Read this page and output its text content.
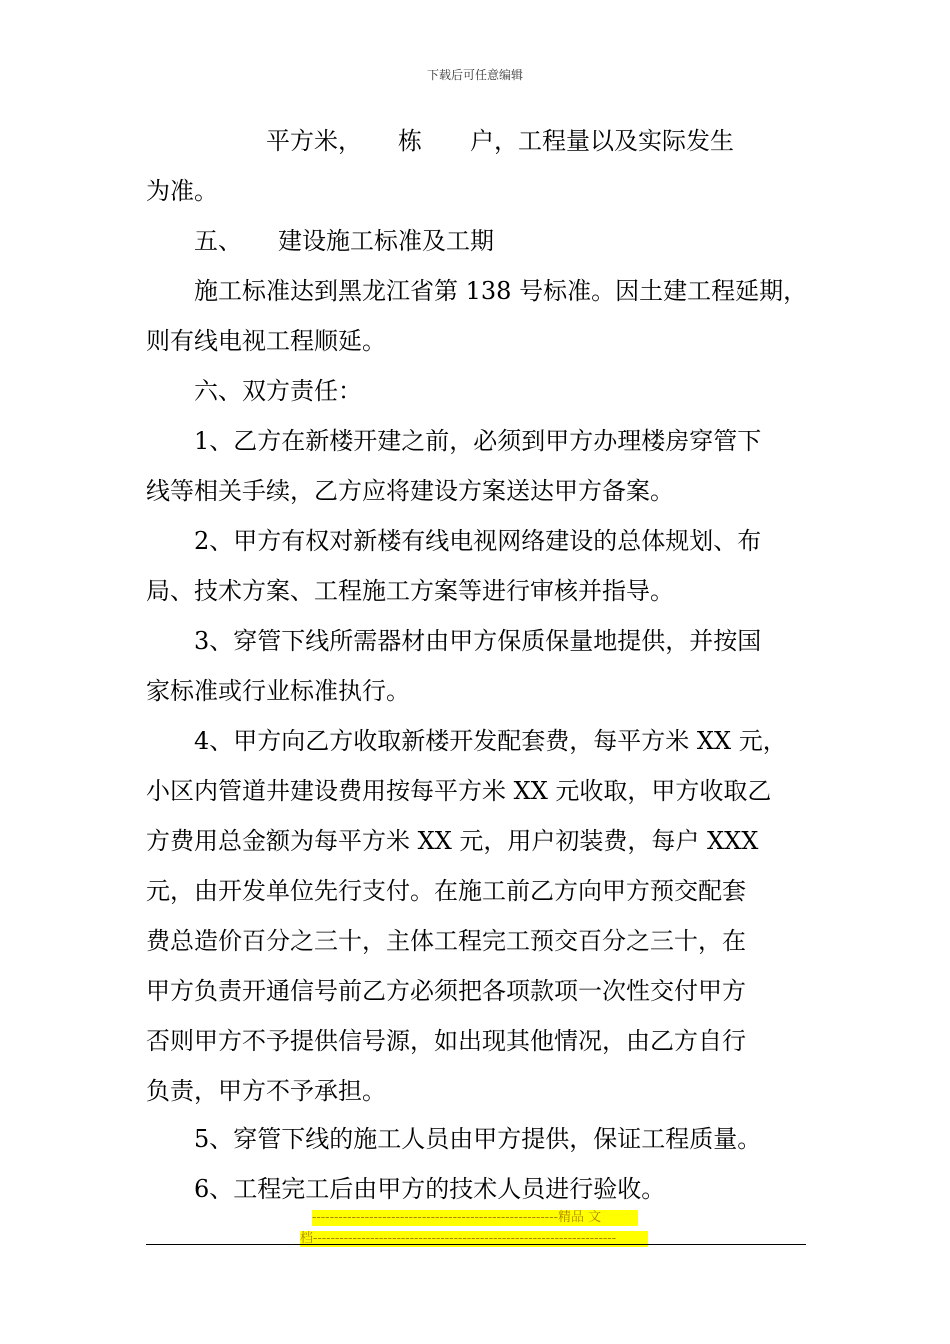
下载后可任意编辑
　　　　　平方米，　　栋　　户，工程量以及实际发生
为准。
　　五、　　建设施工标准及工期
　　施工标准达到黑龙江省第 138 号标准。因土建工程延期，
则有线电视工程顺延。
　　六、双方责任：
　　1、乙方在新楼开建之前，必须到甲方办理楼房穿管下
线等相关手续，乙方应将建设方案送达甲方备案。
　　2、甲方有权对新楼有线电视网络建设的总体规划、布
局、技术方案、工程施工方案等进行审核并指导。
　　3、穿管下线所需器材由甲方保质保量地提供，并按国
家标准或行业标准执行。
　　4、甲方向乙方收取新楼开发配套费，每平方米 XX 元，
小区内管道井建设费用按每平方米 XX 元收取，甲方收取乙
方费用总金额为每平方米 XX 元，用户初装费，每户 XXX
元，由开发单位先行支付。在施工前乙方向甲方预交配套
费总造价百分之三十，主体工程完工预交百分之三十，在
甲方负责开通信号前乙方必须把各项款项一次性交付甲方
否则甲方不予提供信号源，如出现其他情况，由乙方自行
负责，甲方不予承担。
　　5、穿管下线的施工人员由甲方提供，保证工程质量。
　　6、工程完工后由甲方的技术人员进行验收。
--------------------------------------------------------精品 文
档---------------------------------------------------------------------
